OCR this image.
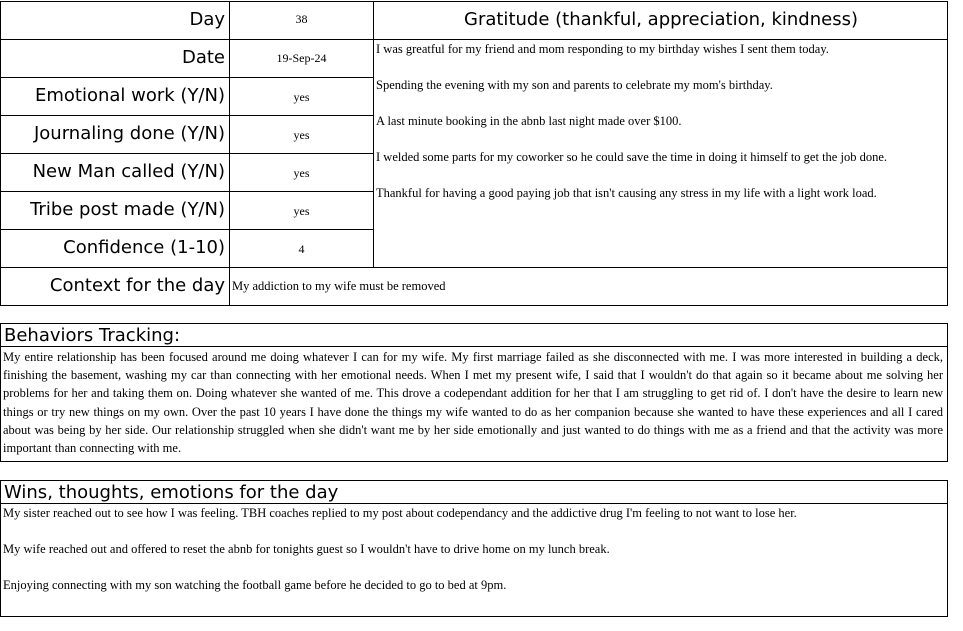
Day
Date
Emotional work (Y/N)
Journaling done (Y/N)
New Man called (Y/N)
Tribe post made (Y/N)
Confidence (1-10)
Context for the day
38
19-Sep-24
yes
yes
yes
yes
4
My addiction to my wife must be removed
Gratitude (thankful, appreciation, kindness)
I was greatful for my friend and mom responding to my birthday wishes I sent them today.
Spending the evening with my son and parents to celebrate my mom's birthday.
A last minute booking in the abnb last night made over $100.
I welded some parts for my coworker so he could save the time in doing it himself to get the job done.
Thankful for having a good paying job that isn't causing any stress in my life with a light work load.
Behaviors Tracking:
My entire relationship has been focused around me doing whatever I can for my wife. My first marriage failed as she disconnected with me. I was more interested in building a deck, finishing the basement, washing my car than connecting with her emotional needs. When I met my present wife, I said that I wouldn't do that again so it became about me solving her problems for her and taking them on. Doing whatever she wanted of me. This drove a codependant addition for her that I am struggling to get rid of. I don't have the desire to learn new things or try new things on my own. Over the past 10 years I have done the things my wife wanted to do as her companion because she wanted to have these experiences and all I cared about was being by her side. Our relationship struggled when she didn't want me by her side emotionally and just wanted to do things with me as a friend and that the activity was more important than connecting with me.
Wins, thoughts, emotions for the day
My sister reached out to see how I was feeling. TBH coaches replied to my post about codependancy and the addictive drug I'm feeling to not want to lose her.
My wife reached out and offered to reset the abnb for tonights guest so I wouldn't have to drive home on my lunch break.
Enjoying connecting with my son watching the football game before he decided to go to bed at 9pm.
